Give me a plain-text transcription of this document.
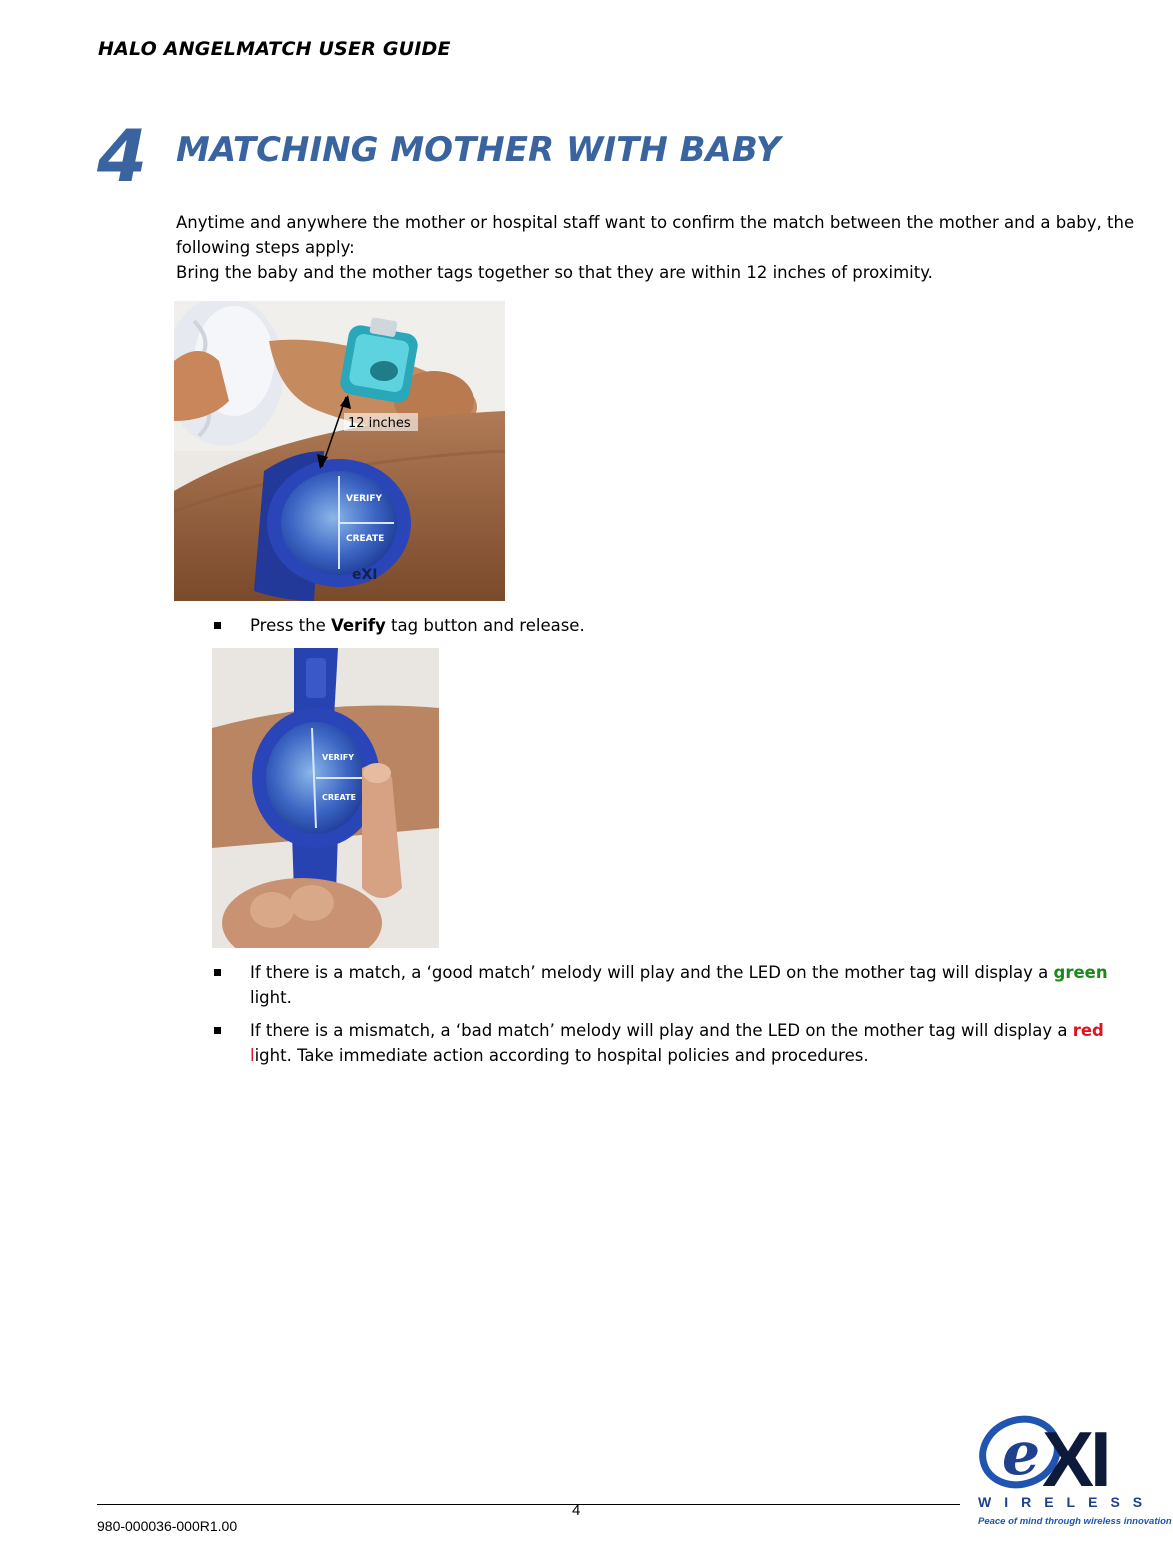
HALO ANGELMATCH USER GUIDE
4 MATCHING MOTHER WITH BABY

Anytime and anywhere the mother or hospital staff want to confirm the match between the mother and a baby, the following steps apply:

Bring the baby and the mother tags together so that they are within 12 inches of proximity.

VERIFY
CREATE
eXI
12 inches
Press the Verify tag button and release.
VERIFY
CREATE
If there is a match, a ‘good match’ melody will play and the LED on the mother tag will display a green light.
If there is a mismatch, a ‘bad match’ melody will play and the LED on the mother tag will display a red light. Take immediate action according to hospital policies and procedures.
4
980-000036-000R1.00
e XI
WIRELESS
Peace of mind through wireless innovation
